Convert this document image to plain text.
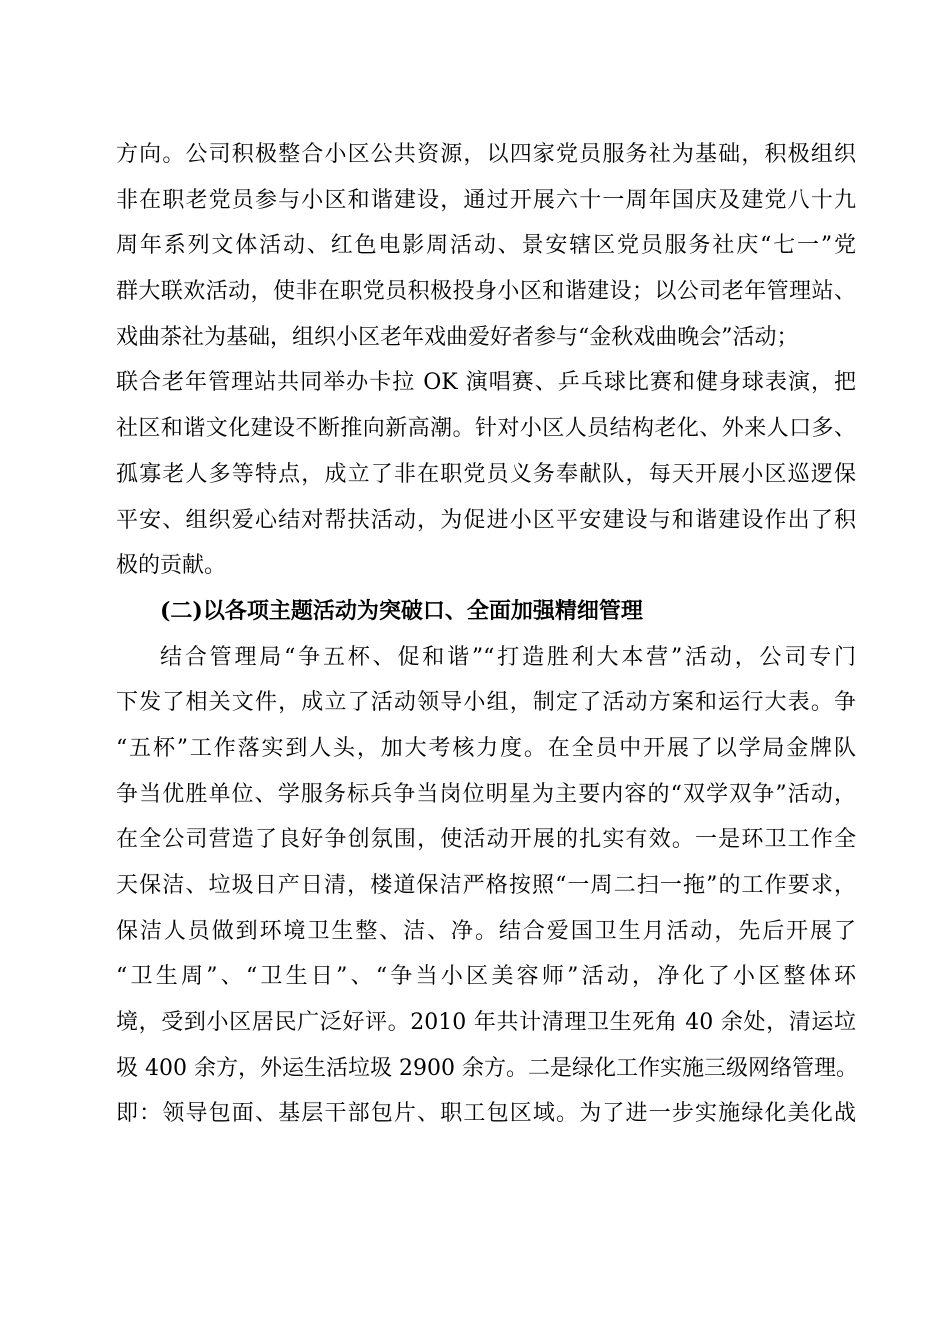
方向。公司积极整合小区公共资源，以四家党员服务社为基础，积极组织
非在职老党员参与小区和谐建设，通过开展六十一周年国庆及建党八十九
周年系列文体活动、红色电影周活动、景安辖区党员服务社庆“七一”党
群大联欢活动，使非在职党员积极投身小区和谐建设；以公司老年管理站、
戏曲茶社为基础，组织小区老年戏曲爱好者参与“金秋戏曲晚会”活动；
联合老年管理站共同举办卡拉 OK 演唱赛、乒乓球比赛和健身球表演，把
社区和谐文化建设不断推向新高潮。针对小区人员结构老化、外来人口多、
孤寡老人多等特点，成立了非在职党员义务奉献队，每天开展小区巡逻保
平安、组织爱心结对帮扶活动，为促进小区平安建设与和谐建设作出了积
极的贡献。

(二)以各项主题活动为突破口、全面加强精细管理

结合管理局“争五杯、促和谐”“打造胜利大本营”活动，公司专门
下发了相关文件，成立了活动领导小组，制定了活动方案和运行大表。争
“五杯”工作落实到人头，加大考核力度。在全员中开展了以学局金牌队
争当优胜单位、学服务标兵争当岗位明星为主要内容的“双学双争”活动，
在全公司营造了良好争创氛围，使活动开展的扎实有效。一是环卫工作全
天保洁、垃圾日产日清，楼道保洁严格按照“一周二扫一拖”的工作要求，
保洁人员做到环境卫生整、洁、净。结合爱国卫生月活动，先后开展了
“卫生周”、“卫生日”、“争当小区美容师”活动，净化了小区整体环
境，受到小区居民广泛好评。2010 年共计清理卫生死角 40 余处，清运垃
圾 400 余方，外运生活垃圾 2900 余方。二是绿化工作实施三级网络管理。
即：领导包面、基层干部包片、职工包区域。为了进一步实施绿化美化战
